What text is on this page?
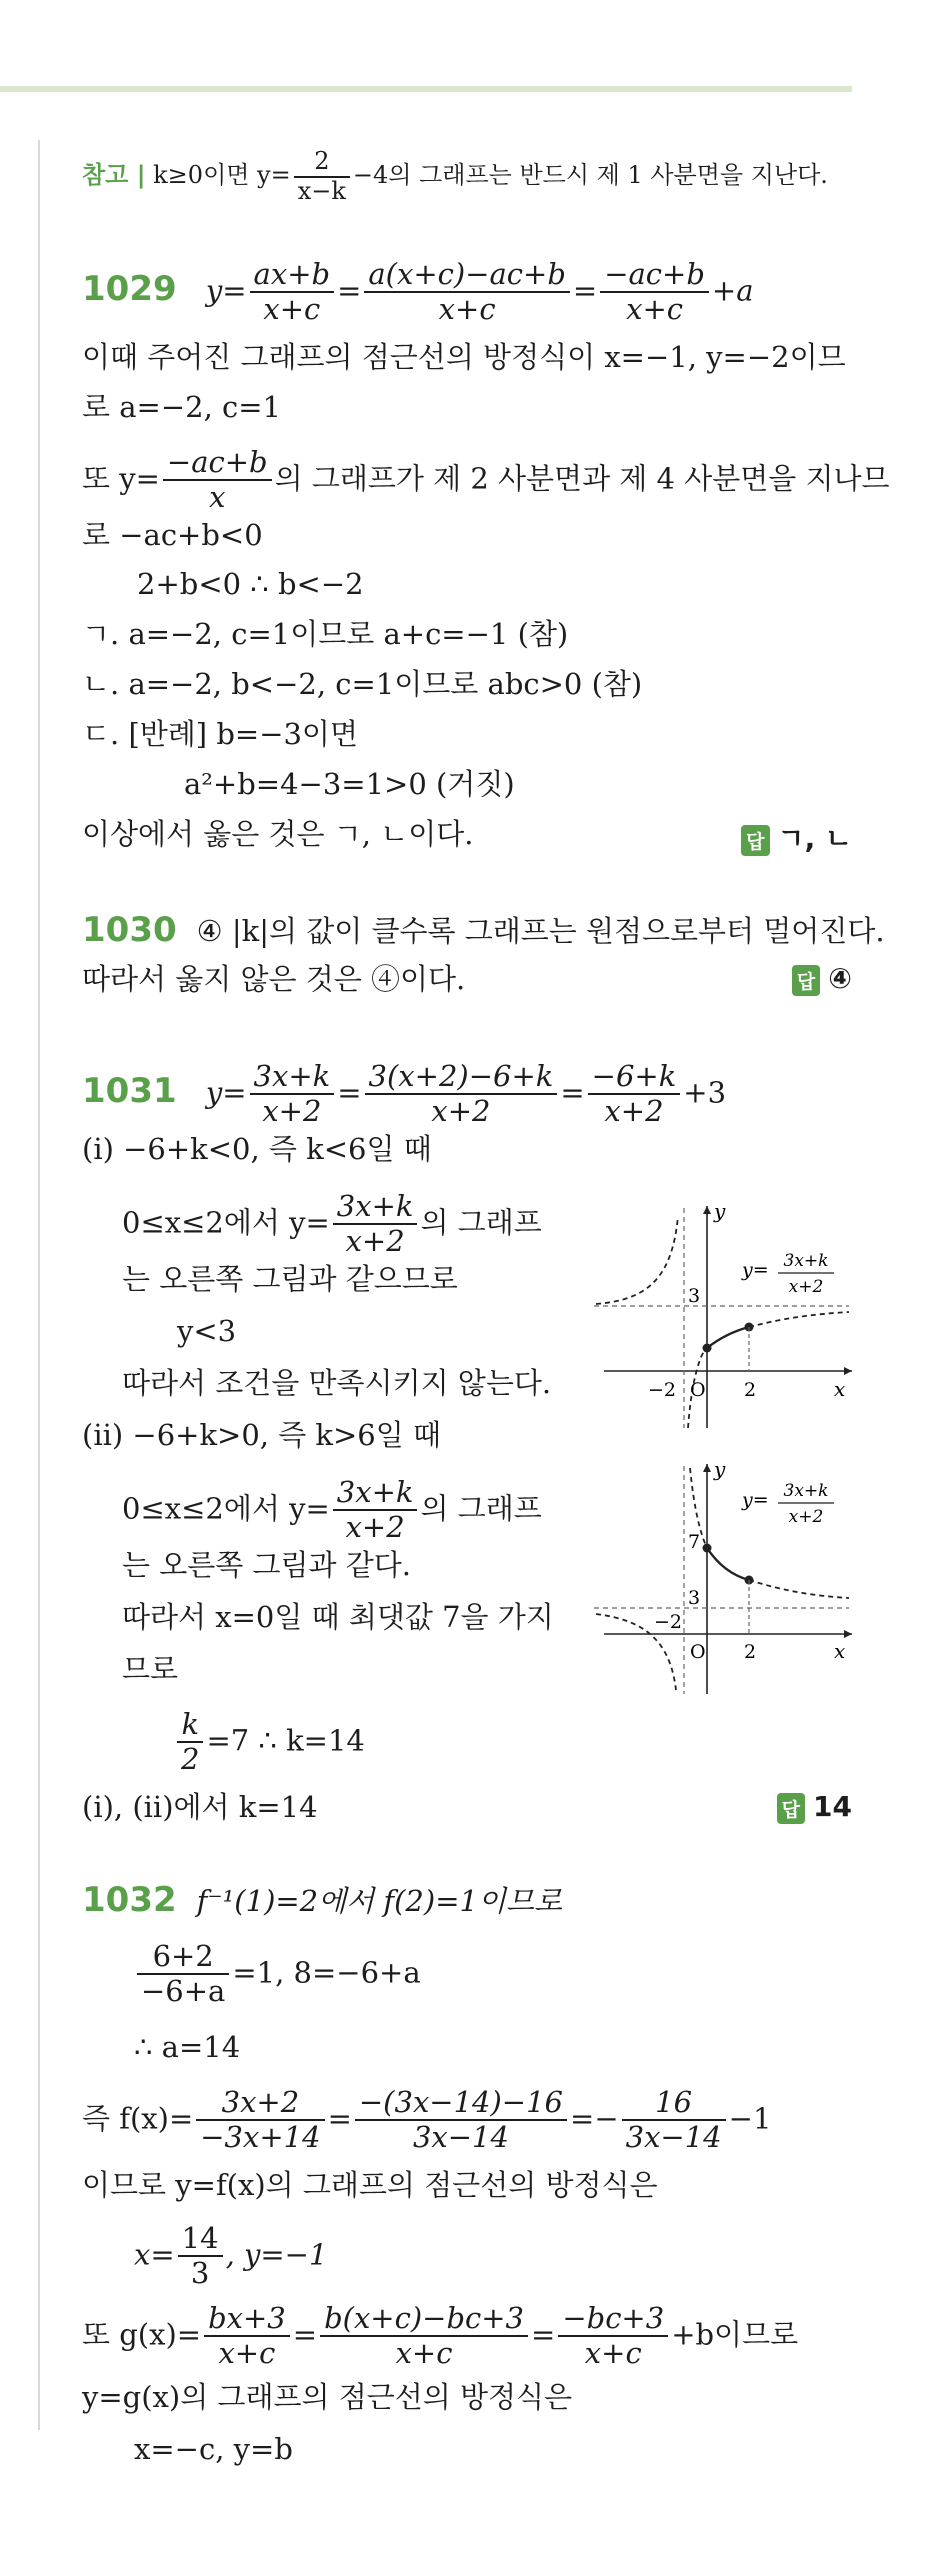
참고 | k≥0이면 $y= \frac{2}{x-k} -4$의 그래프는 반드시 제 1 사분면을 지난다.
1029 $y= \frac{ax+b}{x+c} = \frac{a(x+c)-ac+b}{x+c} = \frac{-ac+b}{x+c} +a$
이때 주어진 그래프의 점근선의 방정식이 x=−1, y=−2이므
로 a=−2, c=1
또 $y= \frac{-ac+b}{x}$ 의 그래프가 제 2 사분면과 제 4 사분면을 지나므
로 −ac+b<0
2+b<0 ∴ b<−2
ㄱ. a=−2, c=1이므로 a+c=−1 (참)
ㄴ. a=−2, b<−2, c=1이므로 abc>0 (참)
ㄷ. [반례] b=−3이면
a²+b=4−3=1>0 (거짓)
이상에서 옳은 것은 ㄱ, ㄴ이다.	답 ㄱ, ㄴ
1030 ④ |k|의 값이 클수록 그래프는 원점으로부터 멀어진다.
따라서 옳지 않은 것은 ④이다.	답 ④
1031 $y= \frac{3x+k}{x+2} = \frac{3(x+2)-6+k}{x+2} = \frac{-6+k}{x+2} +3$
(i) −6+k<0, 즉 k<6일 때
0≤x≤2에서 $y= \frac{3x+k}{x+2}$ 의 그래프
는 오른쪽 그림과 같으므로
y<3
따라서 조건을 만족시키지 않는다.
(ii) −6+k>0, 즉 k>6일 때
0≤x≤2에서 $y= \frac{3x+k}{x+2}$ 의 그래프
는 오른쪽 그림과 같다.
따라서 x=0일 때 최댓값 7을 가지
므로
$\frac{k}{2} =7$ ∴ k=14
(i), (ii)에서 k=14	답 14
1032 f⁻¹(1)=2에서 f(2)=1이므로
$\frac{6+2}{-6+a} =1$, 8=−6+a
∴ a=14
즉 $f(x)= \frac{3x+2}{-3x+14} = \frac{-(3x-14)-16}{3x-14} =- \frac{16}{3x-14} -1$
이므로 y=f(x)의 그래프의 점근선의 방정식은
$x= \frac{14}{3}$ , y=−1
또 $g(x)= \frac{bx+3}{x+c} = \frac{b(x+c)-bc+3}{x+c} = \frac{-bc+3}{x+c} +b$이므로
y=g(x)의 그래프의 점근선의 방정식은
x=−c, y=b
y
x
3
−2 O 2
y= 3x+k
x+2
y
x
7
3
−2
O 2
y= 3x+k
x+2
